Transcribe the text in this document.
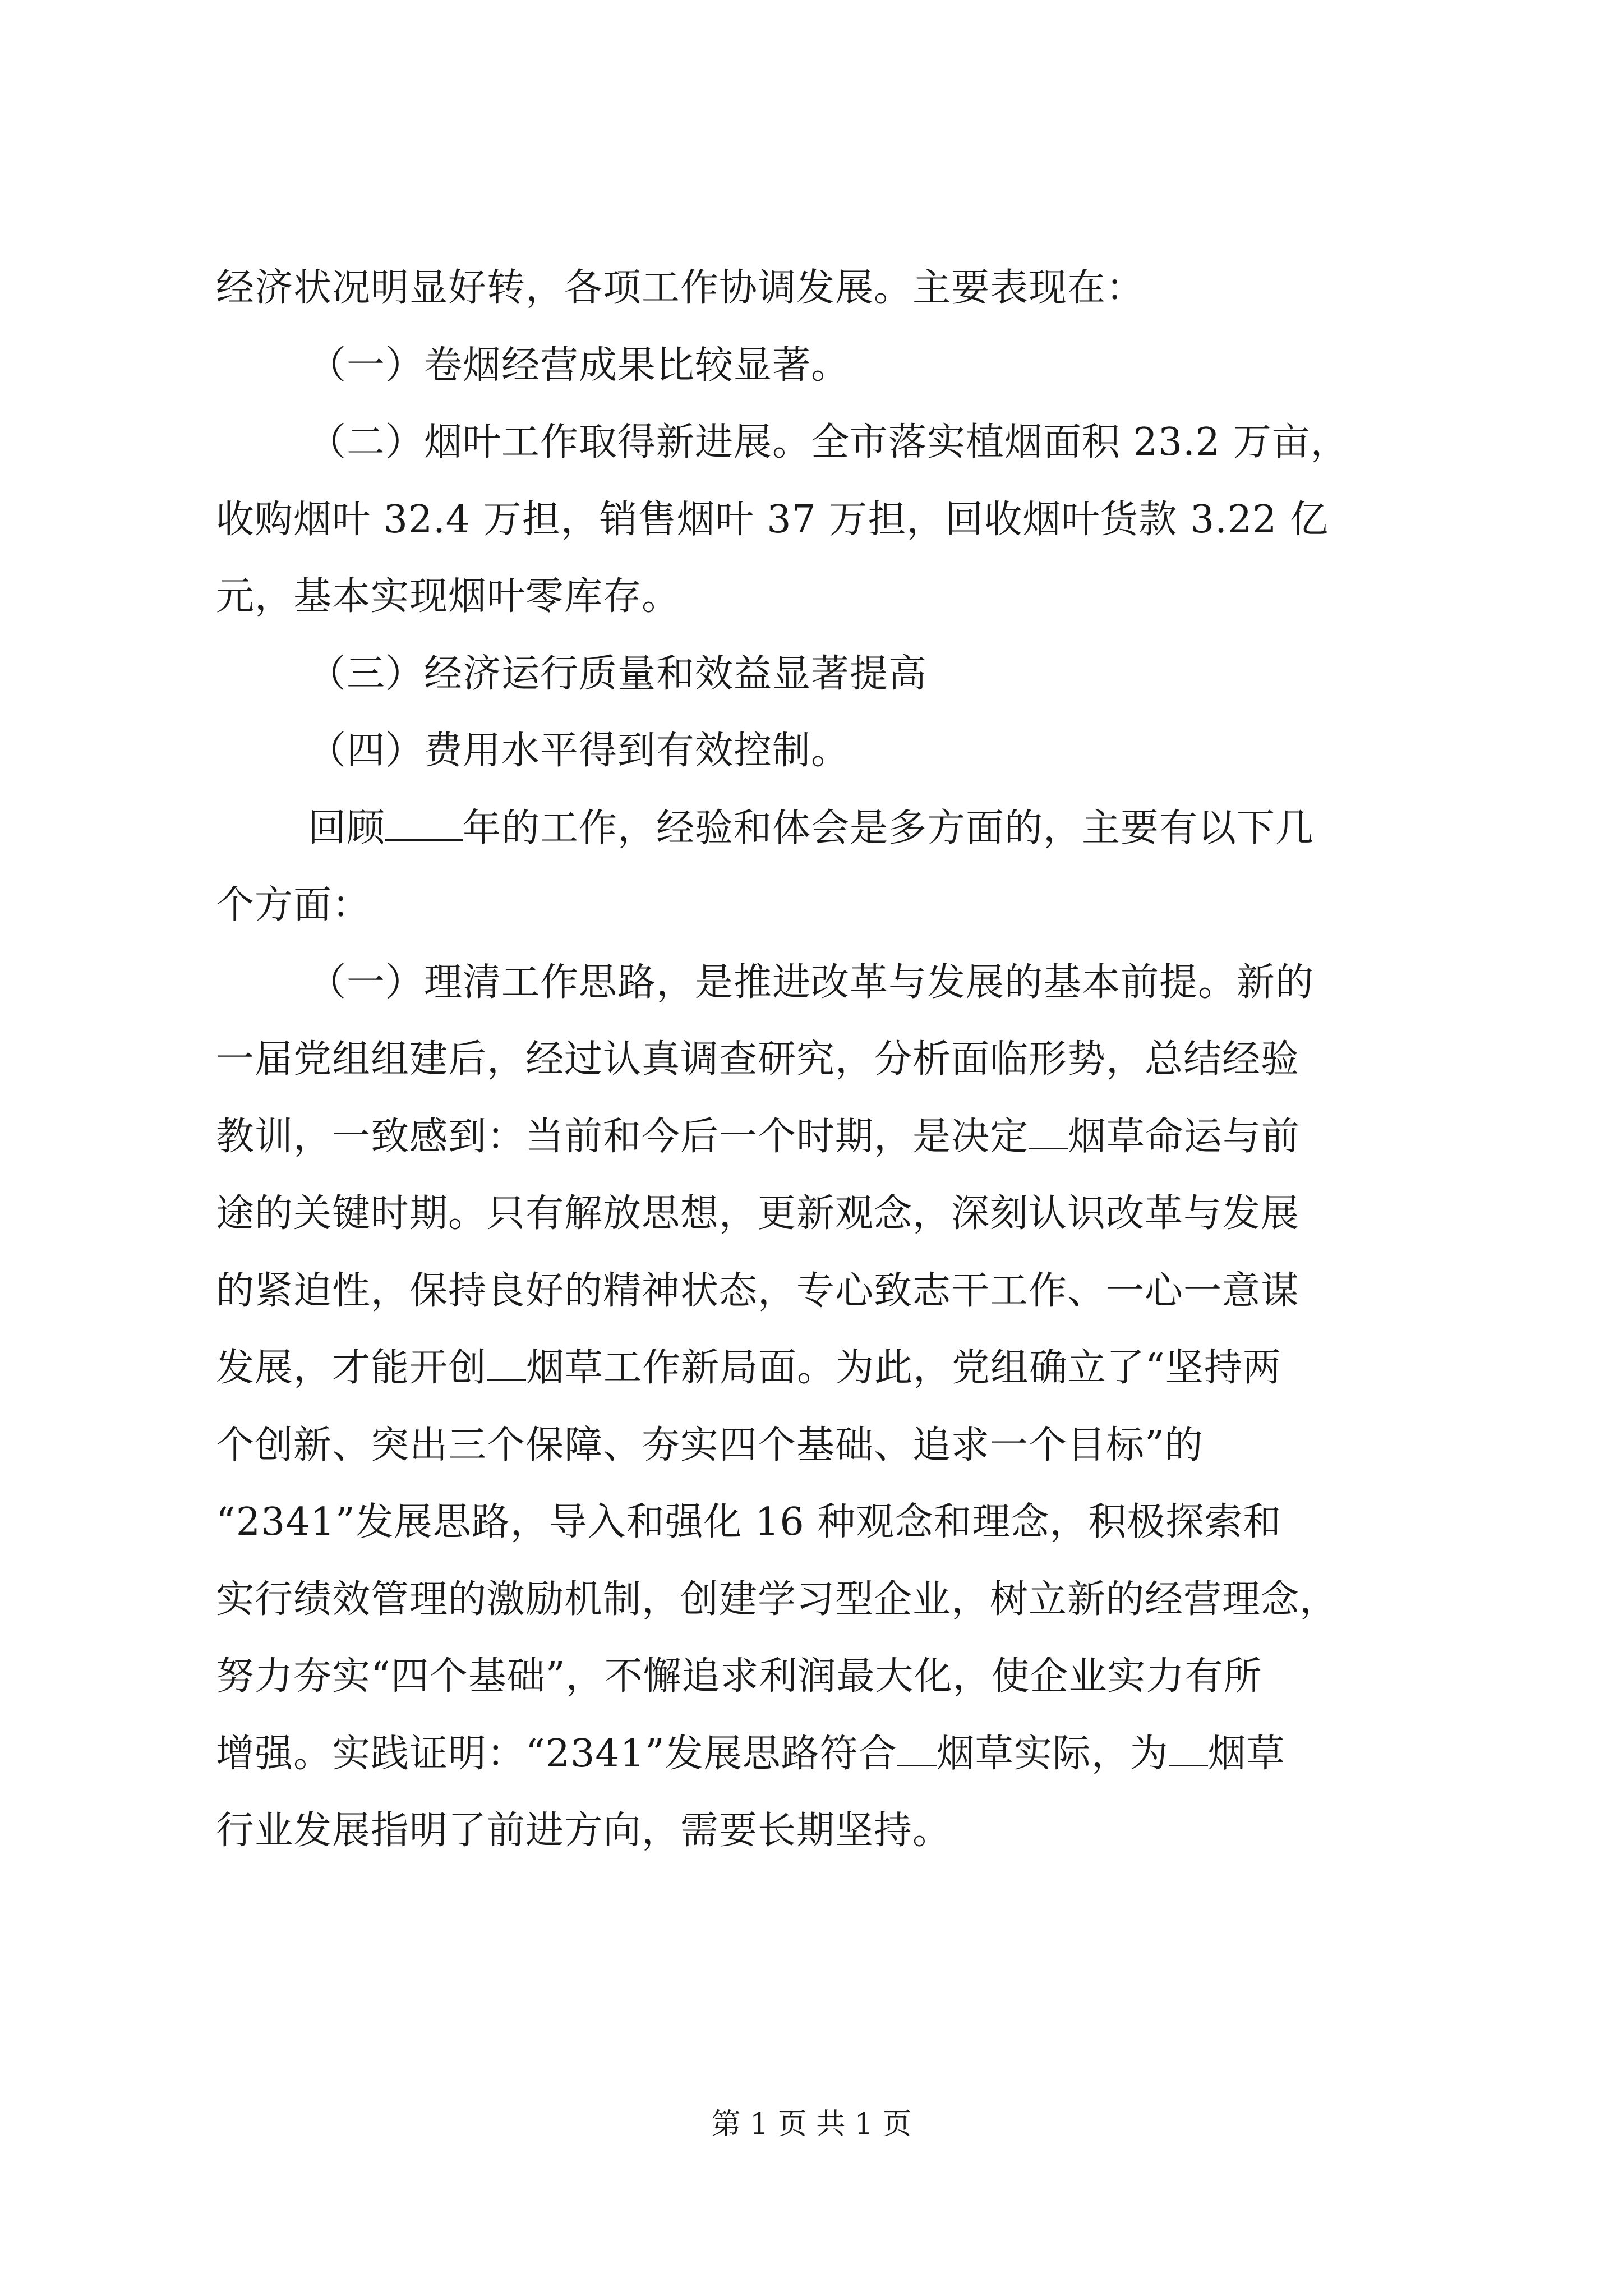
经济状况明显好转，各项工作协调发展。主要表现在：
（一）卷烟经营成果比较显著。
（二）烟叶工作取得新进展。全市落实植烟面积 23.2 万亩，
收购烟叶 32.4 万担，销售烟叶 37 万担，回收烟叶货款 3.22 亿
元，基本实现烟叶零库存。
（三）经济运行质量和效益显著提高
（四）费用水平得到有效控制。
回顾 年的工作，经验和体会是多方面的，主要有以下几
个方面：
（一）理清工作思路，是推进改革与发展的基本前提。新的
一届党组组建后，经过认真调查研究，分析面临形势，总结经验
教训，一致感到：当前和今后一个时期，是决定 烟草命运与前
途的关键时期。只有解放思想，更新观念，深刻认识改革与发展
的紧迫性，保持良好的精神状态，专心致志干工作、一心一意谋
发展，才能开创 烟草工作新局面。为此，党组确立了“坚持两
个创新、突出三个保障、夯实四个基础、追求一个目标”的
“2341”发展思路，导入和强化 16 种观念和理念，积极探索和
实行绩效管理的激励机制，创建学习型企业，树立新的经营理念，
努力夯实“四个基础”，不懈追求利润最大化，使企业实力有所
增强。实践证明：“2341”发展思路符合 烟草实际，为 烟草
行业发展指明了前进方向，需要长期坚持。
第 1 页 共 1 页
